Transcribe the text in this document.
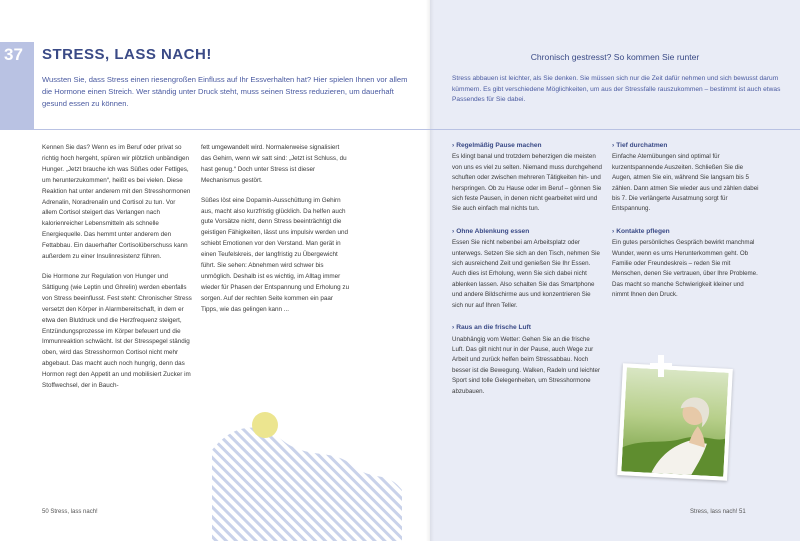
37 STRESS, LASS NACH!
Wussten Sie, dass Stress einen riesengroßen Einfluss auf Ihr Essverhalten hat? Hier spielen Ihnen vor allem die Hormone einen Streich. Wer ständig unter Druck steht, muss seinen Stress reduzieren, um dauerhaft gesund essen zu können.

Kennen Sie das? Wenn es im Beruf oder privat so richtig hoch hergeht, spüren wir plötzlich unbändigen Hunger. „Jetzt brauche ich was Süßes oder Fettiges, um herunterzukommen“, heißt es bei vielen. Diese Reaktion hat unter anderem mit den Stresshormonen Adrenalin, Noradrenalin und Cortisol zu tun. Vor allem Cortisol steigert das Verlangen nach kalorienreicher Lebensmitteln als schnelle Energiequelle. Das hemmt unter anderem den Fettabbau. Ein dauerhafter Cortisolüberschuss kann außerdem zu einer Insulinresistenz führen.

Die Hormone zur Regulation von Hunger und Sättigung (wie Leptin und Ghrelin) werden ebenfalls von Stress beeinflusst. Fest steht: Chronischer Stress versetzt den Körper in Alarmbereitschaft, in dem er etwa den Blutdruck und die Herzfrequenz steigert, Entzündungsprozesse im Körper befeuert und die Immunreaktion schwächt. Ist der Stresspegel ständig oben, wird das Stresshormon Cortisol nicht mehr abgebaut. Das macht auch noch hungrig, denn das Hormon regt den Appetit an und mobilisiert Zucker im Stoffwechsel, der in Bauch-

fett umgewandelt wird. Normalerweise signalisiert das Gehirn, wenn wir satt sind: „Jetzt ist Schluss, du hast genug.“ Doch unter Stress ist dieser Mechanismus gestört.

Süßes löst eine Dopamin-Ausschüttung im Gehirn aus, macht also kurzfristig glücklich. Da helfen auch gute Vorsätze nicht, denn Stress beeinträchtigt die geistigen Fähigkeiten, lässt uns impulsiv werden und schiebt Emotionen vor den Verstand. Man gerät in einen Teufelskreis, der langfristig zu Übergewicht führt. Sie sehen: Abnehmen wird schwer bis unmöglich. Deshalb ist es wichtig, im Alltag immer wieder für Phasen der Entspannung und Erholung zu sorgen. Auf der rechten Seite kommen ein paar Tipps, wie das gelingen kann ...

50 Stress, lass nach!
Chronisch gestresst? So kommen Sie runter
Stress abbauen ist leichter, als Sie denken. Sie müssen sich nur die Zeit dafür nehmen und sich bewusst darum kümmern. Es gibt verschiedene Möglichkeiten, um aus der Stressfalle rauszukommen – bestimmt ist auch etwas Passendes für Sie dabei.
› Regelmäßig Pause machen
Es klingt banal und trotzdem beherzigen die meisten von uns es viel zu selten. Niemand muss durchgehend schuften oder zwischen mehreren Tätigkeiten hin- und herspringen. Ob zu Hause oder im Beruf – gönnen Sie sich feste Pausen, in denen nicht gearbeitet wird und Sie auch einfach mal nichts tun.
› Ohne Ablenkung essen
Essen Sie nicht nebenbei am Arbeitsplatz oder unterwegs. Setzen Sie sich an den Tisch, nehmen Sie sich ausreichend Zeit und genießen Sie Ihr Essen. Auch dies ist Erholung, wenn Sie sich dabei nicht ablenken lassen. Also schalten Sie das Smartphone und andere Bildschirme aus und konzentrieren Sie sich nur auf Ihren Teller.
› Raus an die frische Luft
Unabhängig vom Wetter: Gehen Sie an die frische Luft. Das gilt nicht nur in der Pause, auch Wege zur Arbeit und zurück helfen beim Stressabbau. Noch besser ist die Bewegung. Walken, Radeln und leichter Sport sind tolle Gelegenheiten, um Stresshormone abzubauen.
› Tief durchatmen
Einfache Atemübungen sind optimal für kurzentspannende Auszeiten. Schließen Sie die Augen, atmen Sie ein, während Sie langsam bis 5 zählen. Dann atmen Sie wieder aus und zählen dabei bis 7. Die verlängerte Ausatmung sorgt für Entspannung.
› Kontakte pflegen
Ein gutes persönliches Gespräch bewirkt manchmal Wunder, wenn es ums Herunterkommen geht. Ob Familie oder Freundeskreis – reden Sie mit Menschen, denen Sie vertrauen, über Ihre Probleme. Das macht so manche Schwierigkeit kleiner und nimmt Ihnen den Druck.
Stress, lass nach! 51
